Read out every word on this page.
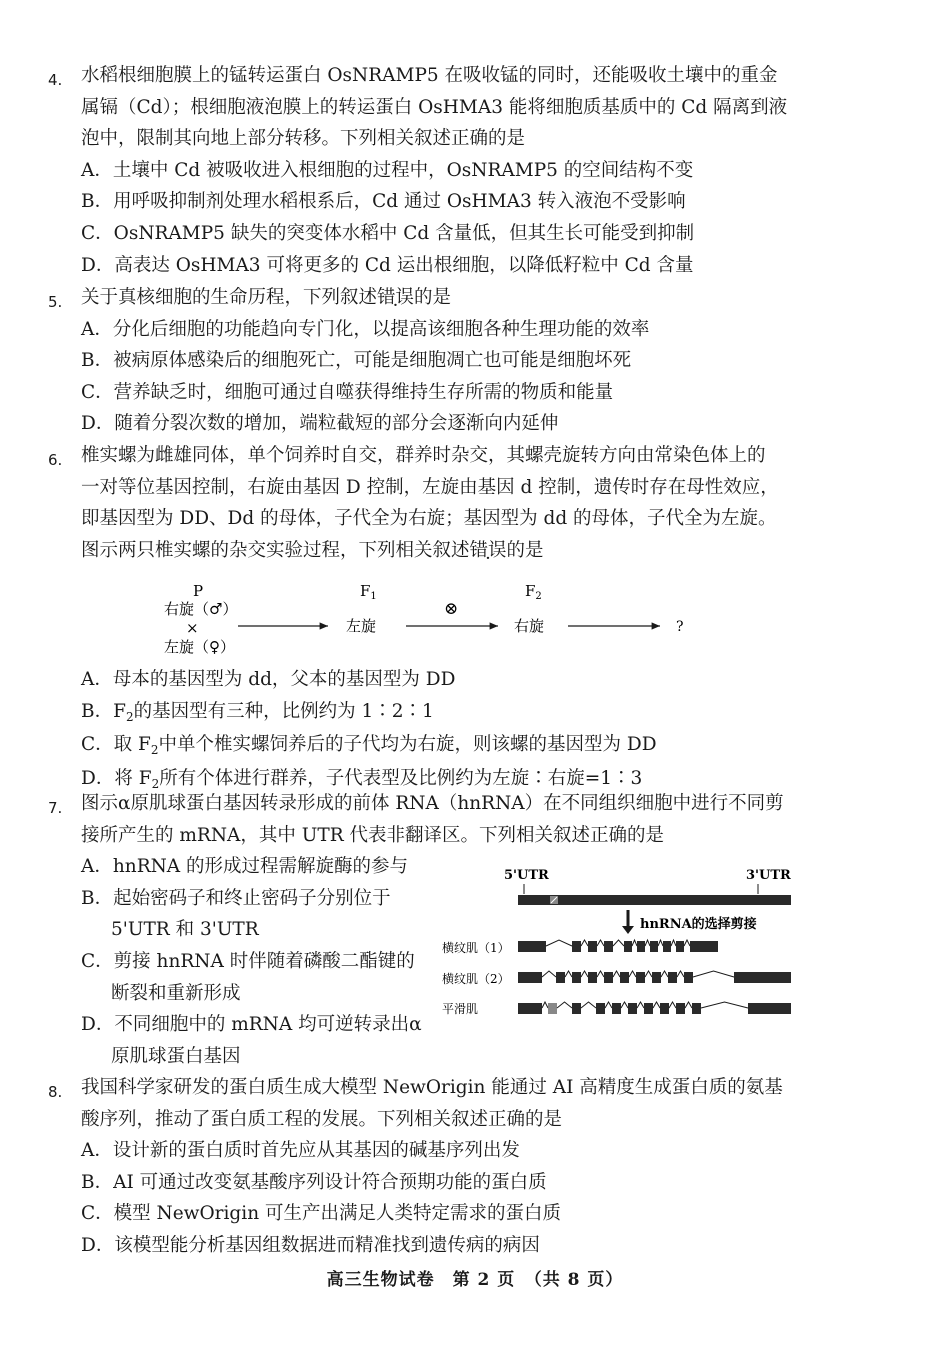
4.	水稻根细胞膜上的锰转运蛋白 OsNRAMP5 在吸收锰的同时，还能吸收土壤中的重金
属镉（Cd）；根细胞液泡膜上的转运蛋白 OsHMA3 能将细胞质基质中的 Cd 隔离到液
泡中，限制其向地上部分转移。下列相关叙述正确的是
A．土壤中 Cd 被吸收进入根细胞的过程中，OsNRAMP5 的空间结构不变
B．用呼吸抑制剂处理水稻根系后，Cd 通过 OsHMA3 转入液泡不受影响
C．OsNRAMP5 缺失的突变体水稻中 Cd 含量低，但其生长可能受到抑制
D．高表达 OsHMA3 可将更多的 Cd 运出根细胞，以降低籽粒中 Cd 含量
5.	关于真核细胞的生命历程，下列叙述错误的是
A．分化后细胞的功能趋向专门化，以提高该细胞各种生理功能的效率
B．被病原体感染后的细胞死亡，可能是细胞凋亡也可能是细胞坏死
C．营养缺乏时，细胞可通过自噬获得维持生存所需的物质和能量
D．随着分裂次数的增加，端粒截短的部分会逐渐向内延伸
6.	椎实螺为雌雄同体，单个饲养时自交，群养时杂交，其螺壳旋转方向由常染色体上的
一对等位基因控制，右旋由基因 D 控制，左旋由基因 d 控制，遗传时存在母性效应，
即基因型为 DD、Dd 的母体，子代全为右旋；基因型为 dd 的母体，子代全为左旋。
图示两只椎实螺的杂交实验过程，下列相关叙述错误的是
P
右旋（♂）
×
左旋（♀）
$F_1$
左旋
⊗
$F_2$
右旋	?
A．母本的基因型为 dd，父本的基因型为 DD
B．$F_2$的基因型有三种，比例约为 1∶2∶1
C．取 $F_2$中单个椎实螺饲养后的子代均为右旋，则该螺的基因型为 DD
D．将 $F_2$所有个体进行群养，子代表型及比例约为左旋∶右旋=1∶3
7.	图示α原肌球蛋白基因转录形成的前体 RNA（hnRNA）在不同组织细胞中进行不同剪
接所产生的 mRNA，其中 UTR 代表非翻译区。下列相关叙述正确的是
A．hnRNA 的形成过程需解旋酶的参与
B．起始密码子和终止密码子分别位于
5'UTR 和 3'UTR
C．剪接 hnRNA 时伴随着磷酸二酯键的
断裂和重新形成
D．不同细胞中的 mRNA 均可逆转录出α
原肌球蛋白基因
5'UTR	3'UTR
hnRNA的选择剪接
横纹肌（1）
横纹肌（2）
平滑肌
8.	我国科学家研发的蛋白质生成大模型 NewOrigin 能通过 AI 高精度生成蛋白质的氨基
酸序列，推动了蛋白质工程的发展。下列相关叙述正确的是
A．设计新的蛋白质时首先应从其基因的碱基序列出发
B．AI 可通过改变氨基酸序列设计符合预期功能的蛋白质
C．模型 NewOrigin 可生产出满足人类特定需求的蛋白质
D．该模型能分析基因组数据进而精准找到遗传病的病因
高三生物试卷　第 2 页　（共 8 页）
